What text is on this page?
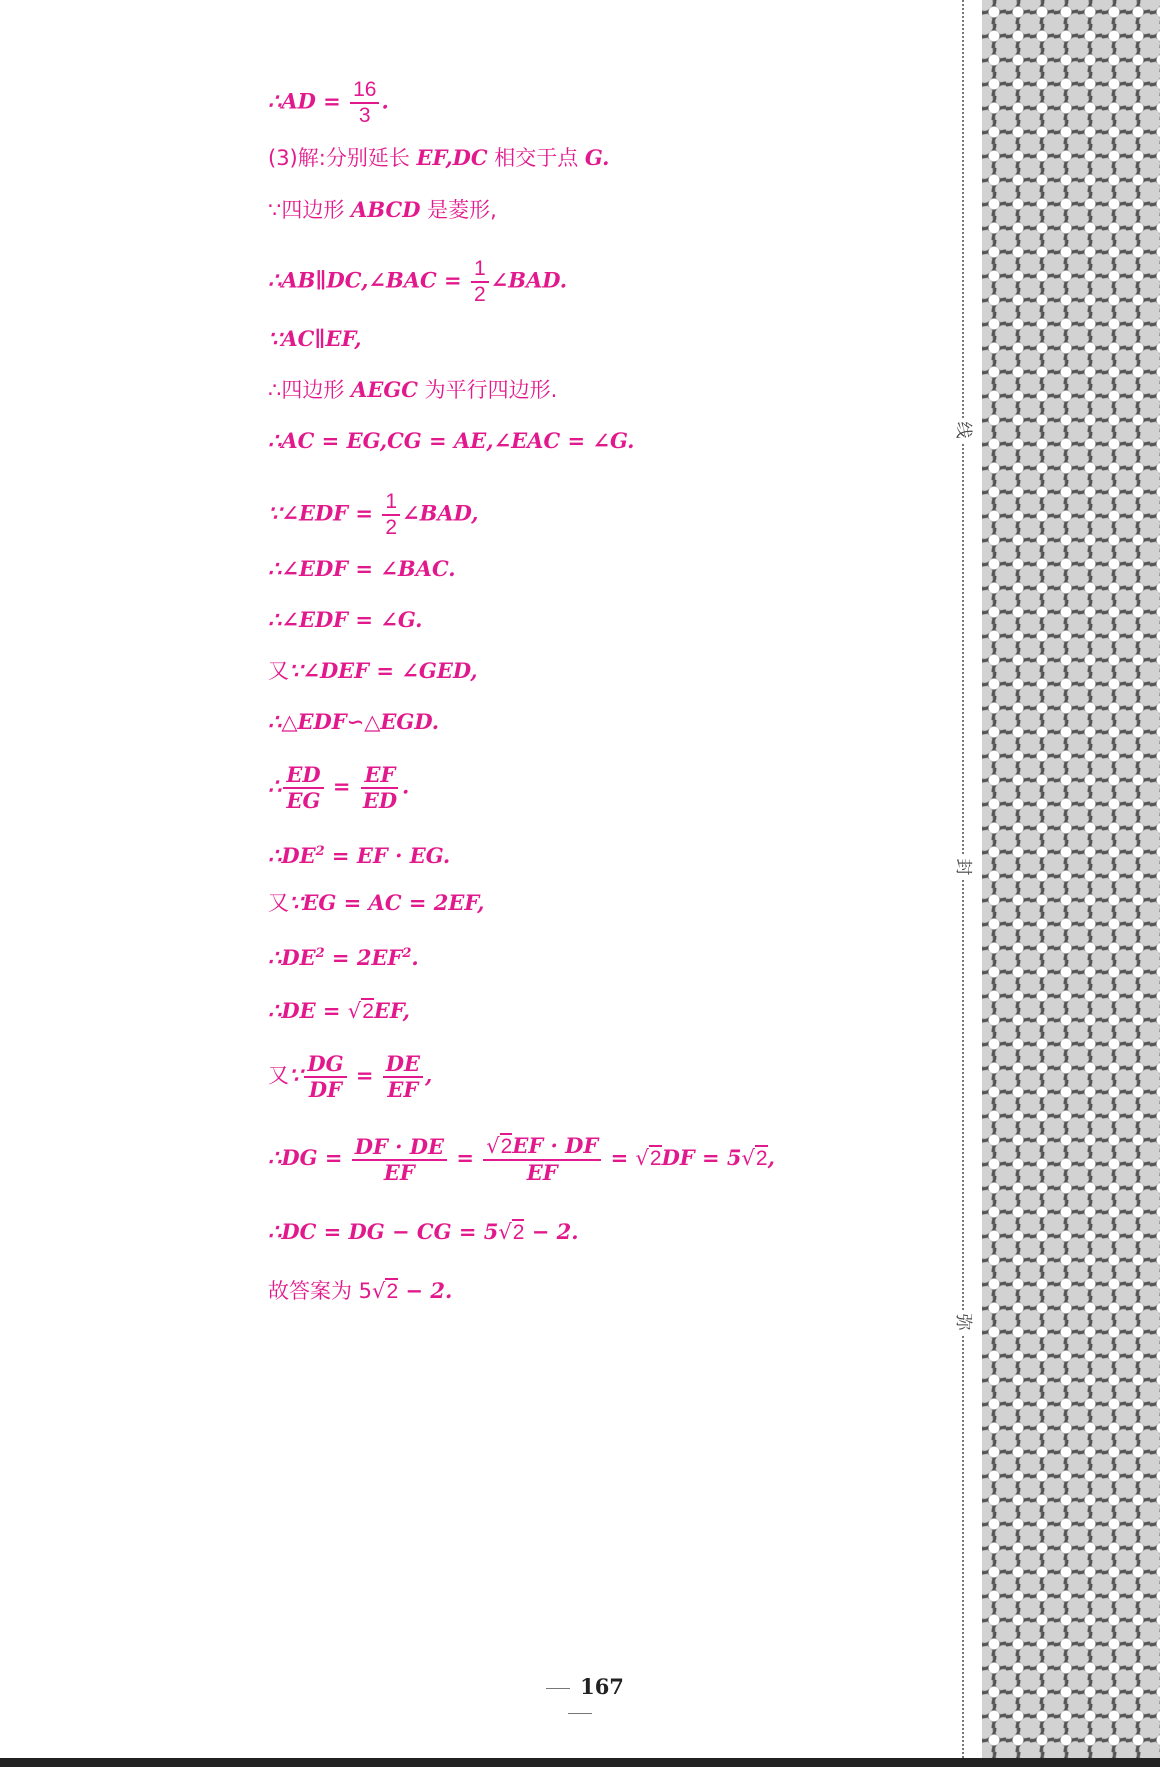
∴AD = $\frac{16}{3}$ .
(3)解:分别延长 EF,DC 相交于点 G.
∵四边形 ABCD 是菱形,
∴AB∥DC,∠BAC = $\frac{1}{2}$ ∠BAD.
∵AC∥EF,
∴四边形 AEGC 为平行四边形.
∴AC = EG,CG = AE,∠EAC = ∠G.
∵∠EDF = $\frac{1}{2}$ ∠BAD,
∴∠EDF = ∠BAC.
∴∠EDF = ∠G.
又∵∠DEF = ∠GED,
∴△EDF∽△EGD.
∴ $\frac{ED}{EG} = \frac{EF}{ED}$ .
$\therefore DE^2$ = EF · EG.
又∵EG = AC = 2EF,
$\therefore DE^2 = 2EF^2$.
∴DE = √2EF,
又∵ $\frac{DG}{DF} = \frac{DE}{EF}$ ,
∴DG = $\frac{DF \cdot DE}{EF} = \frac{√2EF \cdot DF}{EF} = √2DF = 5√2$,
∴DC = DG − CG = 5√2 − 2.
故答案为 5√2 − 2.
线
封
弥
167
